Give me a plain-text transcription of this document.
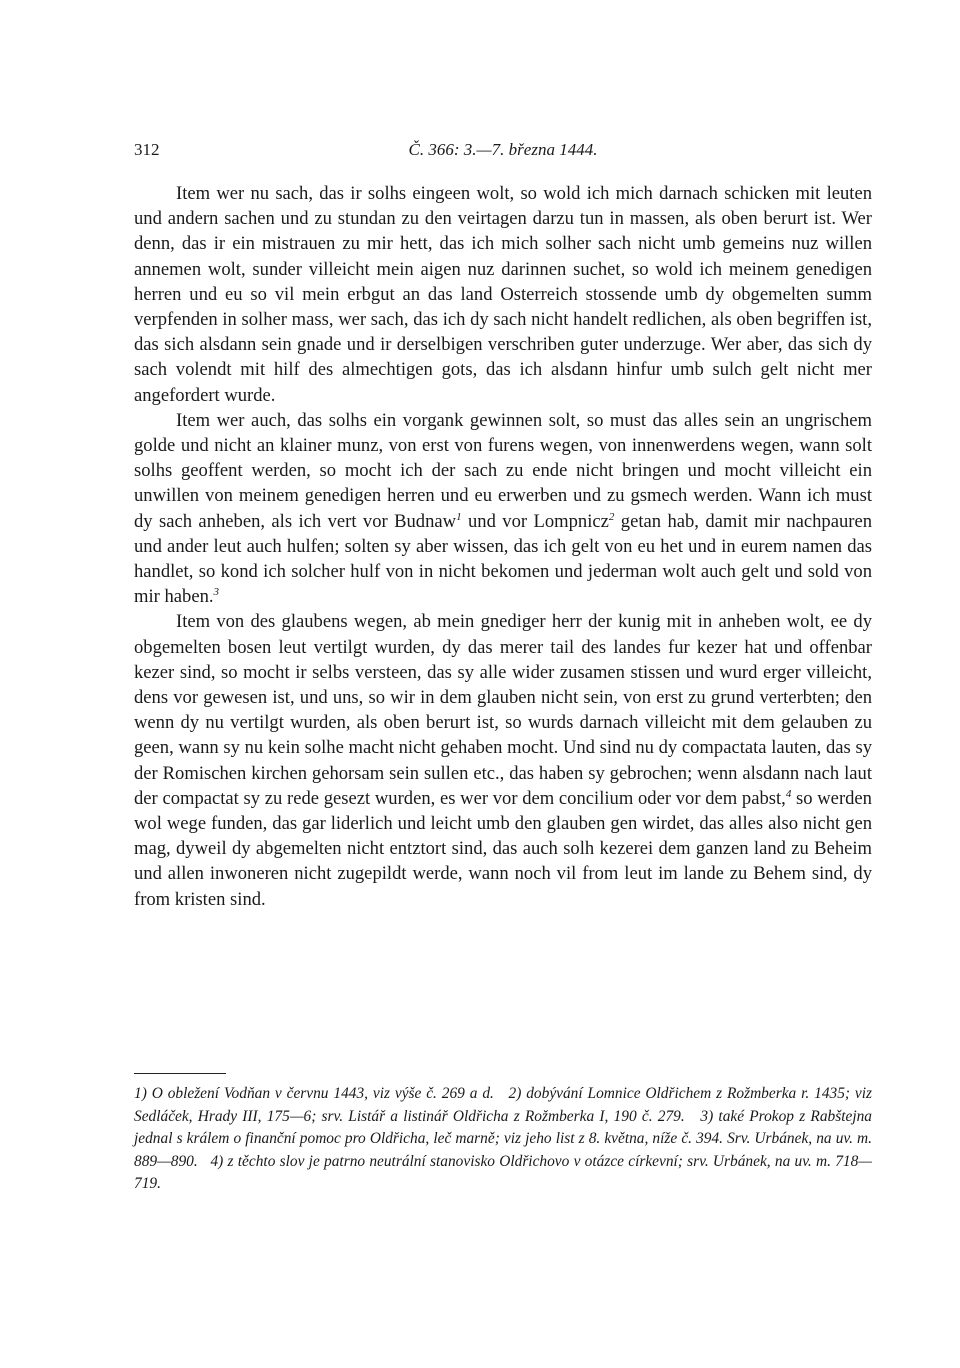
312	Č. 366: 3.—7. března 1444.

Item wer nu sach, das ir solhs eingeen wolt, so wold ich mich darnach schicken mit leuten und andern sachen und zu stundan zu den veirtagen darzu tun in massen, als oben berurt ist. Wer denn, das ir ein mistrauen zu mir hett, das ich mich solher sach nicht umb gemeins nuz willen annemen wolt, sunder villeicht mein aigen nuz darinnen suchet, so wold ich meinem genedigen herren und eu so vil mein erbgut an das land Osterreich stossende umb dy obgemelten summ verpfenden in solher mass, wer sach, das ich dy sach nicht handelt redlichen, als oben begriffen ist, das sich alsdann sein gnade und ir derselbigen verschriben guter underzuge. Wer aber, das sich dy sach volendt mit hilf des almechtigen gots, das ich alsdann hinfur umb sulch gelt nicht mer angefordert wurde.

Item wer auch, das solhs ein vorgank gewinnen solt, so must das alles sein an ungrischem golde und nicht an klainer munz, von erst von furens wegen, von innenwerdens wegen, wann solt solhs geoffent werden, so mocht ich der sach zu ende nicht bringen und mocht villeicht ein unwillen von meinem genedigen herren und eu erwerben und zu gsmech werden. Wann ich must dy sach anheben, als ich vert vor Budnaw$^1$ und vor Lompnicz$^2$ getan hab, damit mir nachpauren und ander leut auch hulfen; solten sy aber wissen, das ich gelt von eu het und in eurem namen das handlet, so kond ich solcher hulf von in nicht bekomen und jederman wolt auch gelt und sold von mir haben.$^3$

Item von des glaubens wegen, ab mein gnediger herr der kunig mit in anheben wolt, ee dy obgemelten bosen leut vertilgt wurden, dy das merer tail des landes fur kezer hat und offenbar kezer sind, so mocht ir selbs versteen, das sy alle wider zusamen stissen und wurd erger villeicht, dens vor gewesen ist, und uns, so wir in dem glauben nicht sein, von erst zu grund verterbten; den wenn dy nu vertilgt wurden, als oben berurt ist, so wurds darnach villeicht mit dem gelauben zu geen, wann sy nu kein solhe macht nicht gehaben mocht. Und sind nu dy compactata lauten, das sy der Romischen kirchen gehorsam sein sullen etc., das haben sy gebrochen; wenn alsdann nach laut der compactat sy zu rede gesezt wurden, es wer vor dem concilium oder vor dem pabst,$^4$ so werden wol wege funden, das gar liderlich und leicht umb den glauben gen wirdet, das alles also nicht gen mag, dyweil dy abgemelten nicht entztort sind, das auch solh kezerei dem ganzen land zu Beheim und allen inwoneren nicht zugepildt werde, wann noch vil from leut im lande zu Behem sind, dy from kristen sind.

1) O obležení Vodňan v červnu 1443, viz výše č. 269 a d. 2) dobývání Lomnice Oldřichem z Rožmberka r. 1435; viz Sedláček, Hrady III, 175—6; srv. Listář a listinář Oldřicha z Rožmberka I, 190 č. 279. 3) také Prokop z Rabštejna jednal s králem o finanční pomoc pro Oldřicha, leč marně; viz jeho list z 8. května, níže č. 394. Srv. Urbánek, na uv. m. 889—890. 4) z těchto slov je patrno neutrální stanovisko Oldřichovo v otázce církevní; srv. Urbánek, na uv. m. 718—719.
